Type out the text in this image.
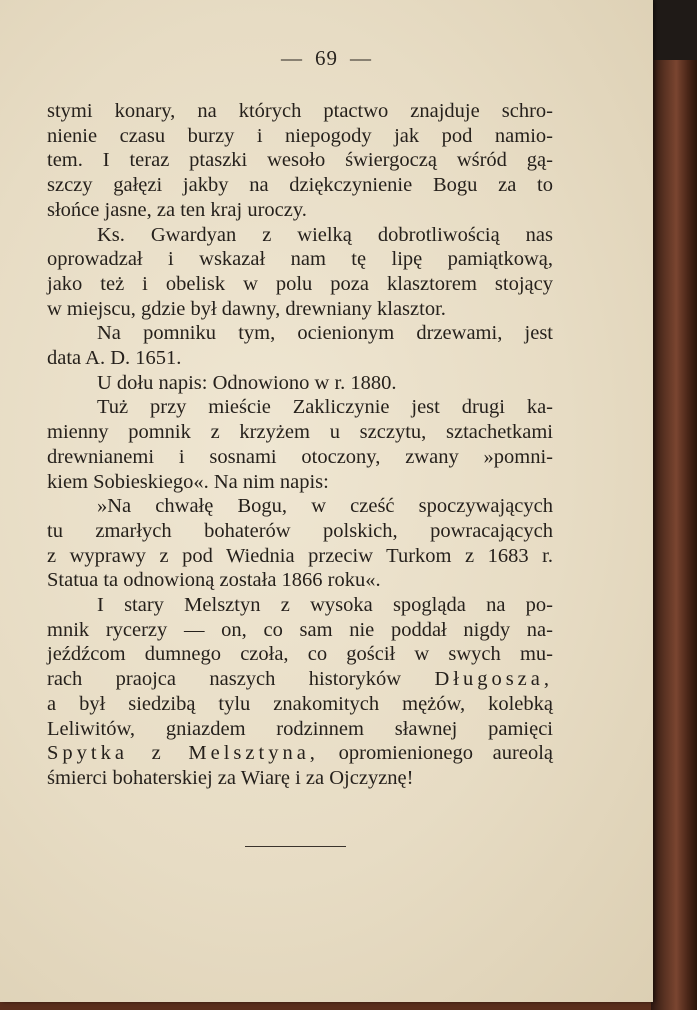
— 69 —
stymi konary, na których ptactwo znajduje schro-
nienie czasu burzy i niepogody jak pod namio-
tem. I teraz ptaszki wesoło świergoczą wśród gą-
szczy gałęzi jakby na dziękczynienie Bogu za to
słońce jasne, za ten kraj uroczy.
Ks. Gwardyan z wielką dobrotliwością nas
oprowadzał i wskazał nam tę lipę pamiątkową,
jako też i obelisk w polu poza klasztorem stojący
w miejscu, gdzie był dawny, drewniany klasztor.
Na pomniku tym, ocienionym drzewami, jest
data A. D. 1651.
U dołu napis: Odnowiono w r. 1880.
Tuż przy mieście Zakliczynie jest drugi ka-
mienny pomnik z krzyżem u szczytu, sztachetkami
drewnianemi i sosnami otoczony, zwany »pomni-
kiem Sobieskiego«. Na nim napis:
»Na chwałę Bogu, w cześć spoczywających
tu zmarłych bohaterów polskich, powracających
z wyprawy z pod Wiednia przeciw Turkom z 1683 r.
Statua ta odnowioną została 1866 roku«.
I stary Melsztyn z wysoka spogląda na po-
mnik rycerzy — on, co sam nie poddał nigdy na-
jeźdźcom dumnego czoła, co gościł w swych mu-
rach praojca naszych historyków Długosza,
a był siedzibą tylu znakomitych mężów, kolebką
Leliwitów, gniazdem rodzinnem sławnej pamięci
Spytka z Melsztyna, opromienionego aureolą
śmierci bohaterskiej za Wiarę i za Ojczyznę!
